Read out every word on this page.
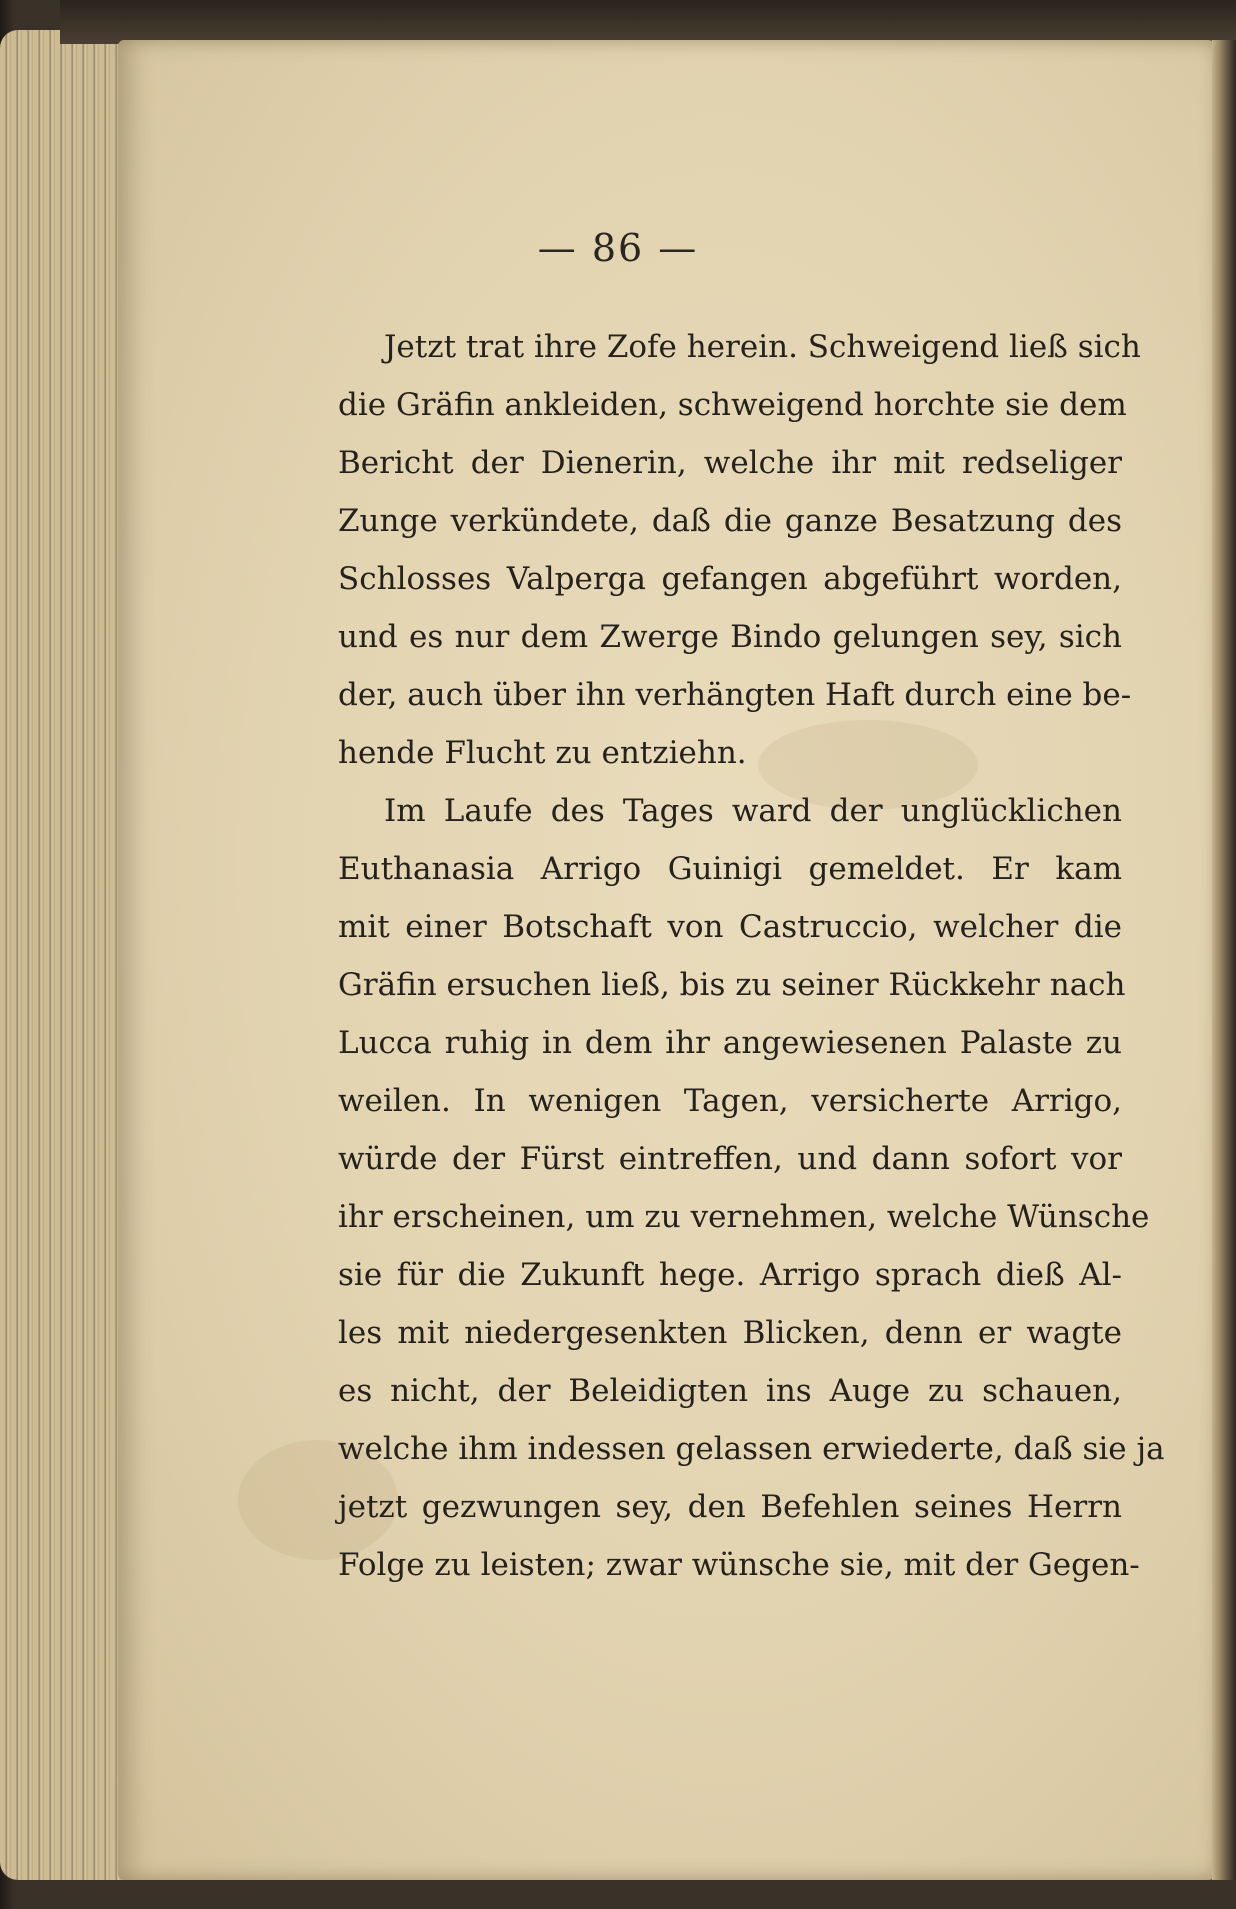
— 86 —
Jetzt trat ihre Zofe herein. Schweigend ließ sich
die Gräfin ankleiden, schweigend horchte sie dem
Bericht der Dienerin, welche ihr mit redseliger
Zunge verkündete, daß die ganze Besatzung des
Schlosses Valperga gefangen abgeführt worden,
und es nur dem Zwerge Bindo gelungen sey, sich
der, auch über ihn verhängten Haft durch eine be-
hende Flucht zu entziehn.
Im Laufe des Tages ward der unglücklichen
Euthanasia Arrigo Guinigi gemeldet. Er kam
mit einer Botschaft von Castruccio, welcher die
Gräfin ersuchen ließ, bis zu seiner Rückkehr nach
Lucca ruhig in dem ihr angewiesenen Palaste zu
weilen. In wenigen Tagen, versicherte Arrigo,
würde der Fürst eintreffen, und dann sofort vor
ihr erscheinen, um zu vernehmen, welche Wünsche
sie für die Zukunft hege. Arrigo sprach dieß Al-
les mit niedergesenkten Blicken, denn er wagte
es nicht, der Beleidigten ins Auge zu schauen,
welche ihm indessen gelassen erwiederte, daß sie ja
jetzt gezwungen sey, den Befehlen seines Herrn
Folge zu leisten; zwar wünsche sie, mit der Gegen-
